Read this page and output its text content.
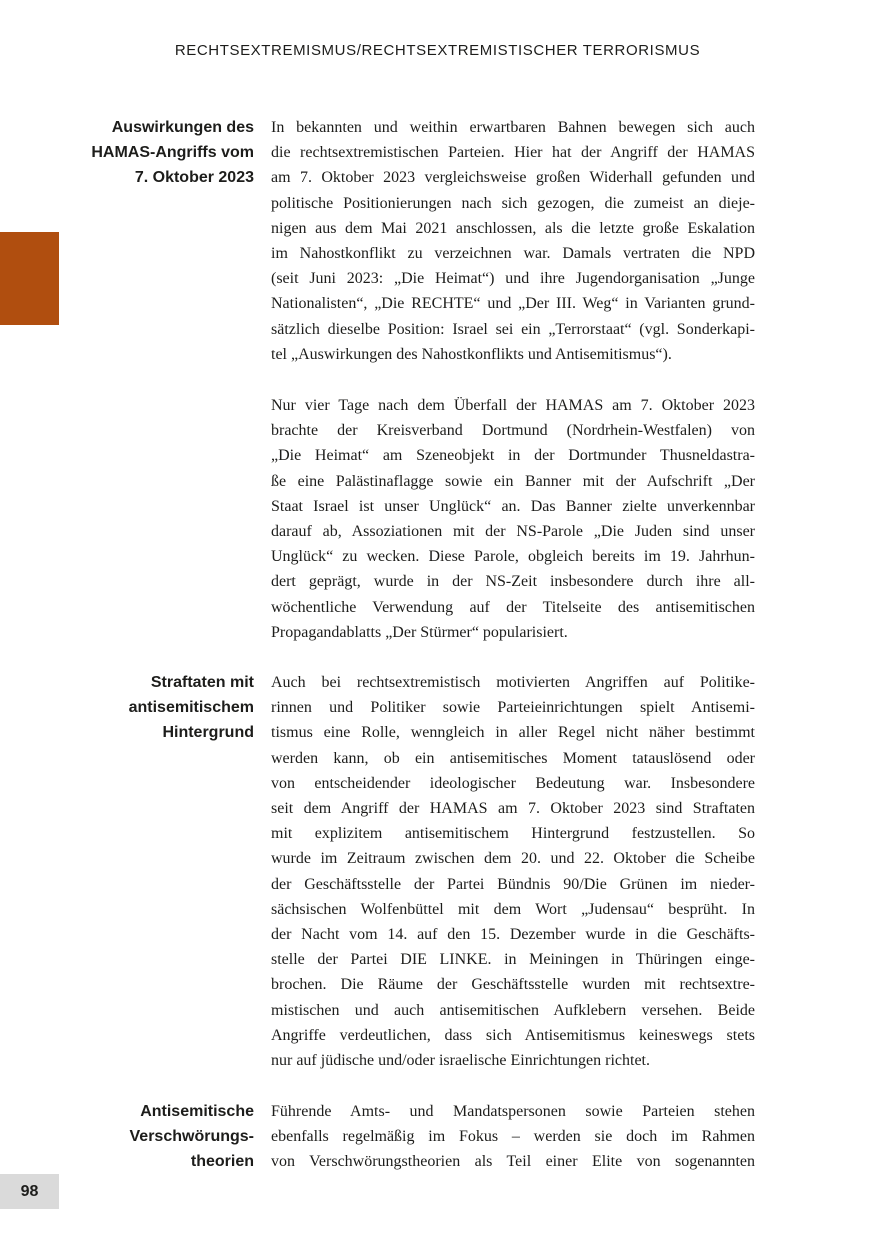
RECHTSEXTREMISMUS/RECHTSEXTREMISTISCHER TERRORISMUS
Auswirkungen des
HAMAS-Angriffs vom
7. Oktober 2023
In bekannten und weithin erwartbaren Bahnen bewegen sich auch
die rechtsextremistischen Parteien. Hier hat der Angriff der HAMAS
am 7. Oktober 2023 vergleichsweise großen Widerhall gefunden und
politische Positionierungen nach sich gezogen, die zumeist an dieje-
nigen aus dem Mai 2021 anschlossen, als die letzte große Eskalation
im Nahostkonflikt zu verzeichnen war. Damals vertraten die NPD
(seit Juni 2023: „Die Heimat“) und ihre Jugendorganisation „Junge
Nationalisten“, „Die RECHTE“ und „Der III. Weg“ in Varianten grund-
sätzlich dieselbe Position: Israel sei ein „Terrorstaat“ (vgl. Sonderkapi-
tel „Auswirkungen des Nahostkonflikts und Antisemitismus“).
Nur vier Tage nach dem Überfall der HAMAS am 7. Oktober 2023
brachte der Kreisverband Dortmund (Nordrhein-Westfalen) von
„Die Heimat“ am Szeneobjekt in der Dortmunder Thusneldastra-
ße eine Palästinaflagge sowie ein Banner mit der Aufschrift „Der
Staat Israel ist unser Unglück“ an. Das Banner zielte unverkennbar
darauf ab, Assoziationen mit der NS-Parole „Die Juden sind unser
Unglück“ zu wecken. Diese Parole, obgleich bereits im 19. Jahrhun-
dert geprägt, wurde in der NS-Zeit insbesondere durch ihre all-
wöchentliche Verwendung auf der Titelseite des antisemitischen
Propagandablatts „Der Stürmer“ popularisiert.
Straftaten mit
antisemitischem
Hintergrund
Auch bei rechtsextremistisch motivierten Angriffen auf Politike-
rinnen und Politiker sowie Parteieinrichtungen spielt Antisemi-
tismus eine Rolle, wenngleich in aller Regel nicht näher bestimmt
werden kann, ob ein antisemitisches Moment tatauslösend oder
von entscheidender ideologischer Bedeutung war. Insbesondere
seit dem Angriff der HAMAS am 7. Oktober 2023 sind Straftaten
mit explizitem antisemitischem Hintergrund festzustellen. So
wurde im Zeitraum zwischen dem 20. und 22. Oktober die Scheibe
der Geschäftsstelle der Partei Bündnis 90/Die Grünen im nieder-
sächsischen Wolfenbüttel mit dem Wort „Judensau“ besprüht. In
der Nacht vom 14. auf den 15. Dezember wurde in die Geschäfts-
stelle der Partei DIE LINKE. in Meiningen in Thüringen einge-
brochen. Die Räume der Geschäftsstelle wurden mit rechtsextre-
mistischen und auch antisemitischen Aufklebern versehen. Beide
Angriffe verdeutlichen, dass sich Antisemitismus keineswegs stets
nur auf jüdische und/oder israelische Einrichtungen richtet.
Antisemitische
Verschwörungs-
theorien
Führende Amts- und Mandatspersonen sowie Parteien stehen
ebenfalls regelmäßig im Fokus – werden sie doch im Rahmen
von Verschwörungstheorien als Teil einer Elite von sogenannten
98
